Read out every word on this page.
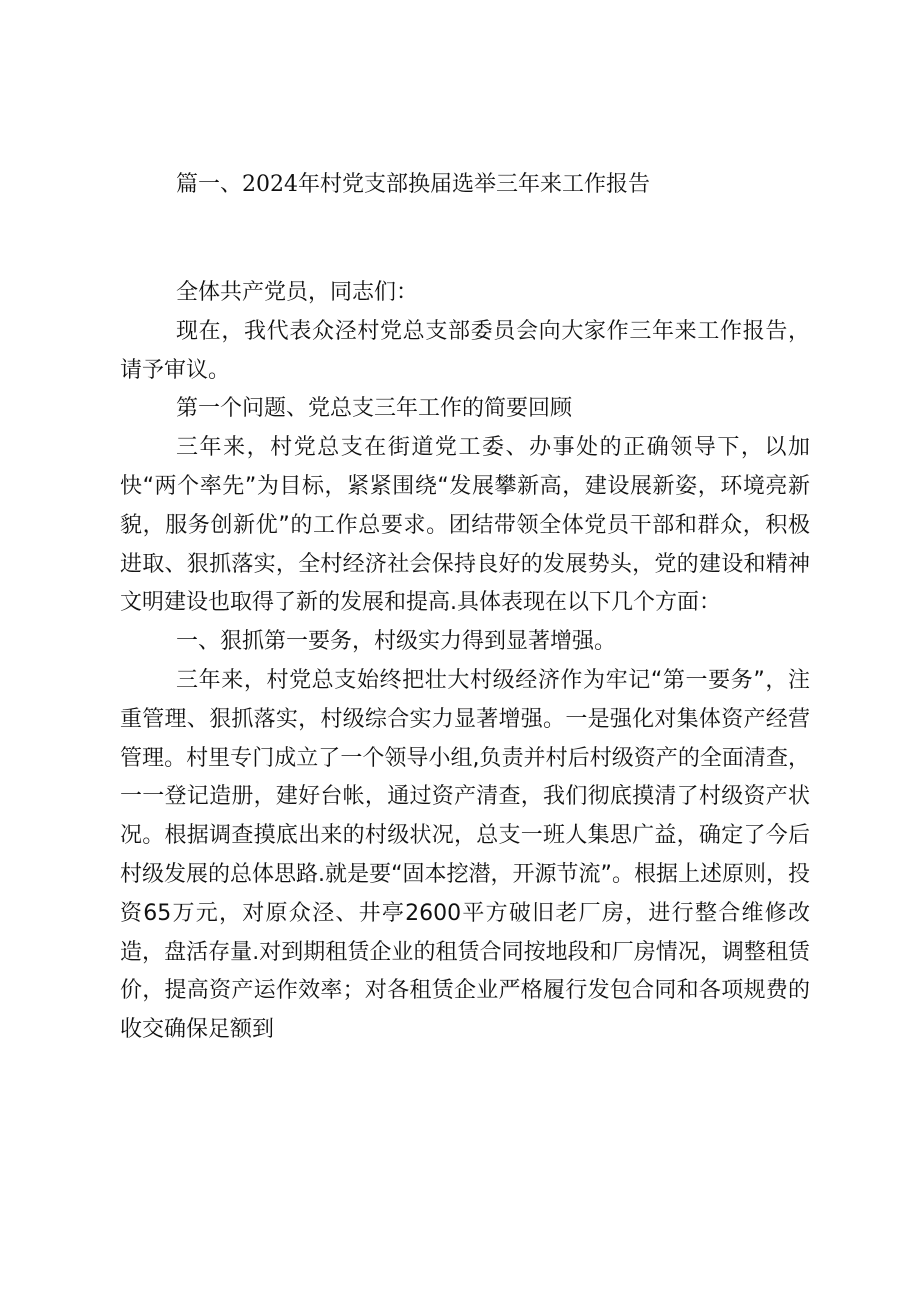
篇一、2024年村党支部换届选举三年来工作报告

全体共产党员，同志们：

现在，我代表众泾村党总支部委员会向大家作三年来工作报告，请予审议。

第一个问题、党总支三年工作的简要回顾

三年来，村党总支在街道党工委、办事处的正确领导下，以加快“两个率先”为目标，紧紧围绕“发展攀新高，建设展新姿，环境亮新貌，服务创新优”的工作总要求。团结带领全体党员干部和群众，积极进取、狠抓落实，全村经济社会保持良好的发展势头，党的建设和精神文明建设也取得了新的发展和提高.具体表现在以下几个方面：

一、狠抓第一要务，村级实力得到显著增强。

三年来，村党总支始终把壮大村级经济作为牢记“第一要务”，注重管理、狠抓落实，村级综合实力显著增强。一是强化对集体资产经营管理。村里专门成立了一个领导小组,负责并村后村级资产的全面清查，一一登记造册，建好台帐，通过资产清查，我们彻底摸清了村级资产状况。根据调查摸底出来的村级状况，总支一班人集思广益，确定了今后村级发展的总体思路.就是要“固本挖潜，开源节流”。根据上述原则，投资65万元，对原众泾、井亭2600平方破旧老厂房，进行整合维修改造，盘活存量.对到期租赁企业的租赁合同按地段和厂房情况，调整租赁价，提高资产运作效率；对各租赁企业严格履行发包合同和各项规费的收交确保足额到
